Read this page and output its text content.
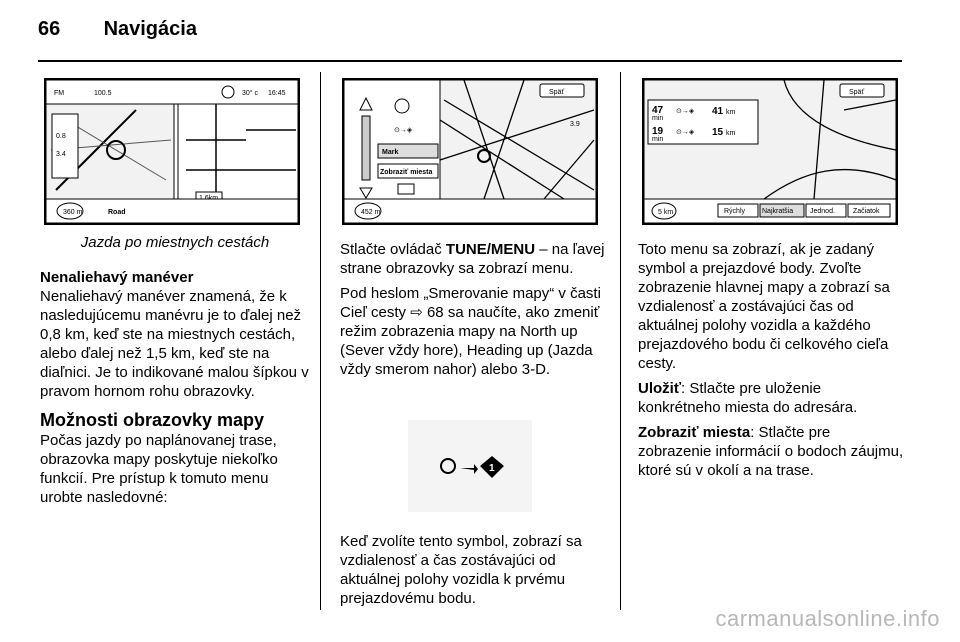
66 Navigácia
FM	100.5	30° c 16:45
0.8
3.4
360 m	Road
Jazda po miestnych cestách
Nenaliehavý manéver

Nenaliehavý manéver znamená, že k nasledujúcemu manévru je to ďalej než 0,8 km, keď ste na miestnych cestách, alebo ďalej než 1,5 km, keď ste na diaľnici. Je to indikované malou šípkou v pravom hornom rohu obrazovky.

Možnosti obrazovky mapy

Počas jazdy po naplánovanej trase, obrazovka mapy poskytuje niekoľko funkcií. Pre prístup k tomuto menu urobte nasledovné:

Späť
3.9
⊙→◈
Mark
Zobraziť miesta
452 m

Stlačte ovládač TUNE/MENU – na ľavej strane obrazovky sa zobrazí menu.

Pod heslom „Smerovanie mapy“ v časti Cieľ cesty ⇨ 68 sa naučíte, ako zmeniť režim zobrazenia mapy na North up (Sever vždy hore), Heading up (Jazda vždy smerom nahor) alebo 3-D.

1

Keď zvolíte tento symbol, zobrazí sa vzdialenosť a čas zostávajúci od aktuálnej polohy vozidla k prvému prejazdovému bodu.

Späť
47
min
⊙→◈ 41 km
19
min
⊙→◈ 15 km
5 km	Rýchly Najkratšia Jednod.	Začiatok

Toto menu sa zobrazí, ak je zadaný symbol a prejazdové body. Zvoľte zobrazenie hlavnej mapy a zobrazí sa vzdialenosť a zostávajúci čas od aktuálnej polohy vozidla a každého prejazdového bodu či celkového cieľa cesty.

Uložiť: Stlačte pre uloženie konkrétneho miesta do adresára.

Zobraziť miesta: Stlačte pre zobrazenie informácií o bodoch záujmu, ktoré sú v okolí a na trase.

carmanualsonline.info
